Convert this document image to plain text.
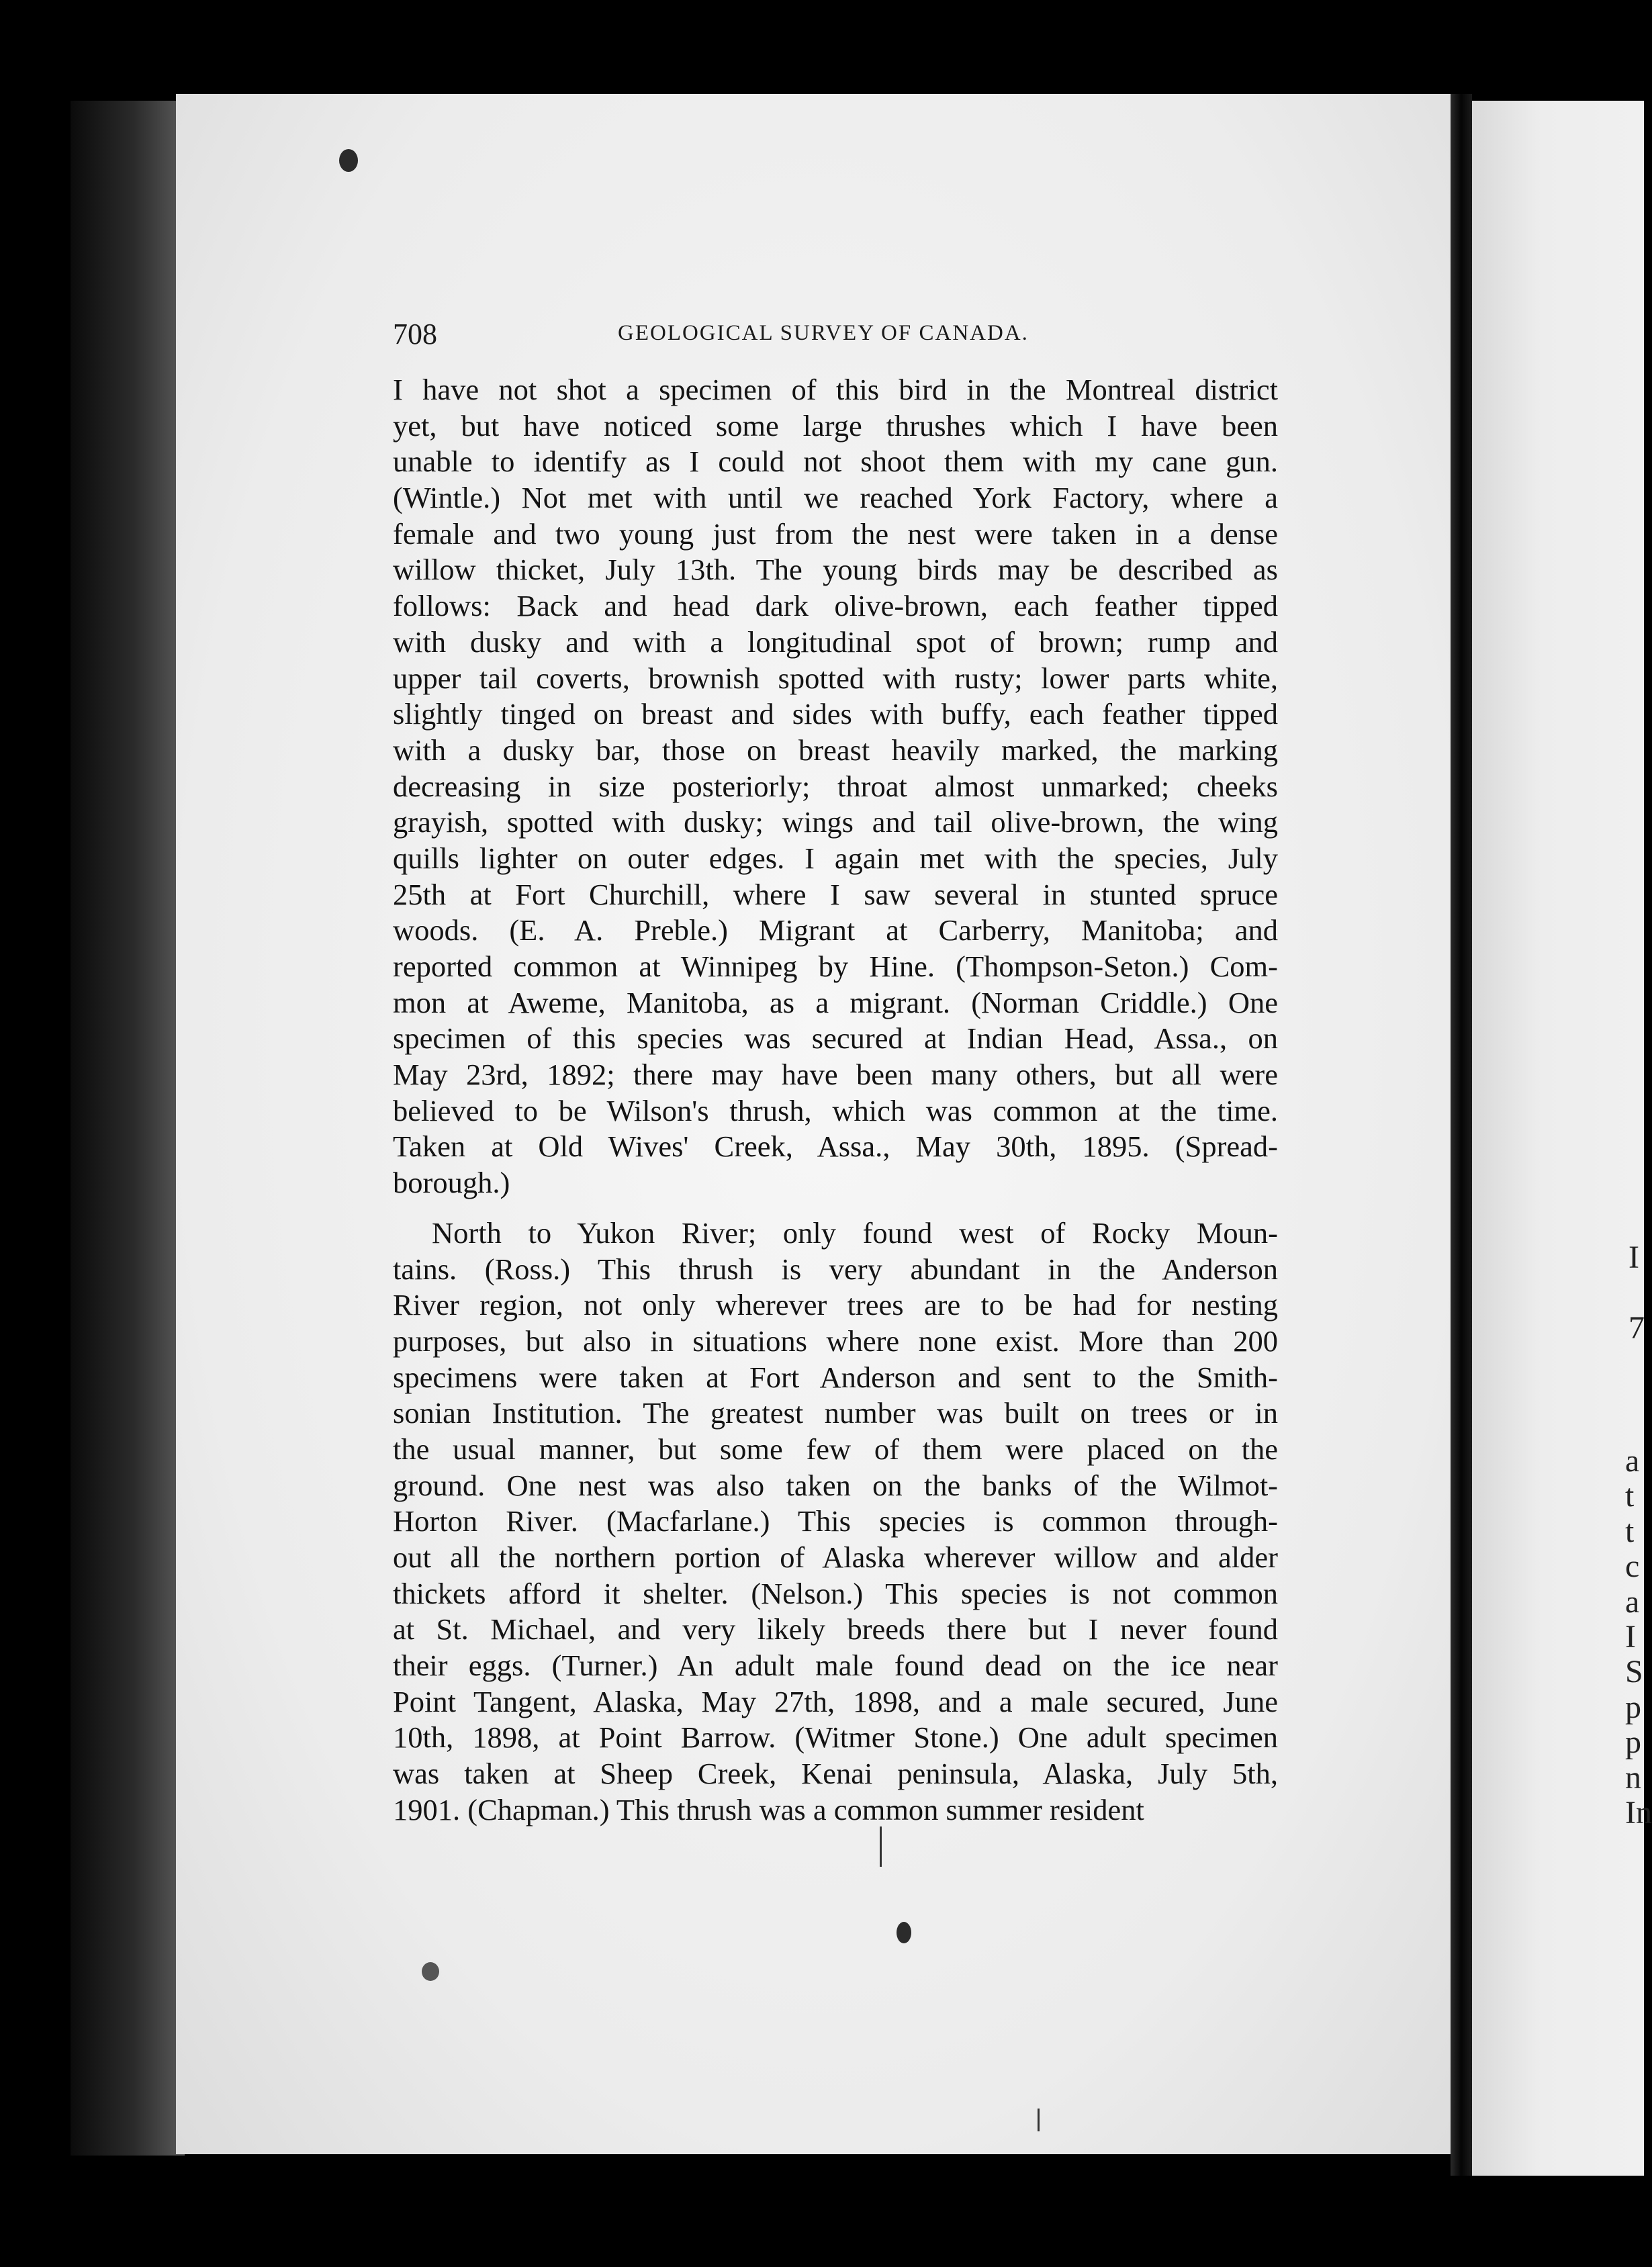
I
7
a
t
t
c
a
I
S
p
p
n
In
708	GEOLOGICAL SURVEY OF CANADA.
I have not shot a specimen of this bird in the Montreal district
yet, but have noticed some large thrushes which I have been
unable to identify as I could not shoot them with my cane gun.
(Wintle.) Not met with until we reached York Factory, where a
female and two young just from the nest were taken in a dense
willow thicket, July 13th. The young birds may be described as
follows: Back and head dark olive-brown, each feather tipped
with dusky and with a longitudinal spot of brown; rump and
upper tail coverts, brownish spotted with rusty; lower parts white,
slightly tinged on breast and sides with buffy, each feather tipped
with a dusky bar, those on breast heavily marked, the marking
decreasing in size posteriorly; throat almost unmarked; cheeks
grayish, spotted with dusky; wings and tail olive-brown, the wing
quills lighter on outer edges. I again met with the species, July
25th at Fort Churchill, where I saw several in stunted spruce
woods. (E. A. Preble.) Migrant at Carberry, Manitoba; and
reported common at Winnipeg by Hine. (Thompson-Seton.) Com-
mon at Aweme, Manitoba, as a migrant. (Norman Criddle.) One
specimen of this species was secured at Indian Head, Assa., on
May 23rd, 1892; there may have been many others, but all were
believed to be Wilson's thrush, which was common at the time.
Taken at Old Wives' Creek, Assa., May 30th, 1895. (Spread-
borough.)
North to Yukon River; only found west of Rocky Moun-
tains. (Ross.) This thrush is very abundant in the Anderson
River region, not only wherever trees are to be had for nesting
purposes, but also in situations where none exist. More than 200
specimens were taken at Fort Anderson and sent to the Smith-
sonian Institution. The greatest number was built on trees or in
the usual manner, but some few of them were placed on the
ground. One nest was also taken on the banks of the Wilmot-
Horton River. (Macfarlane.) This species is common through-
out all the northern portion of Alaska wherever willow and alder
thickets afford it shelter. (Nelson.) This species is not common
at St. Michael, and very likely breeds there but I never found
their eggs. (Turner.) An adult male found dead on the ice near
Point Tangent, Alaska, May 27th, 1898, and a male secured, June
10th, 1898, at Point Barrow. (Witmer Stone.) One adult specimen
was taken at Sheep Creek, Kenai peninsula, Alaska, July 5th,
1901. (Chapman.) This thrush was a common summer resident
